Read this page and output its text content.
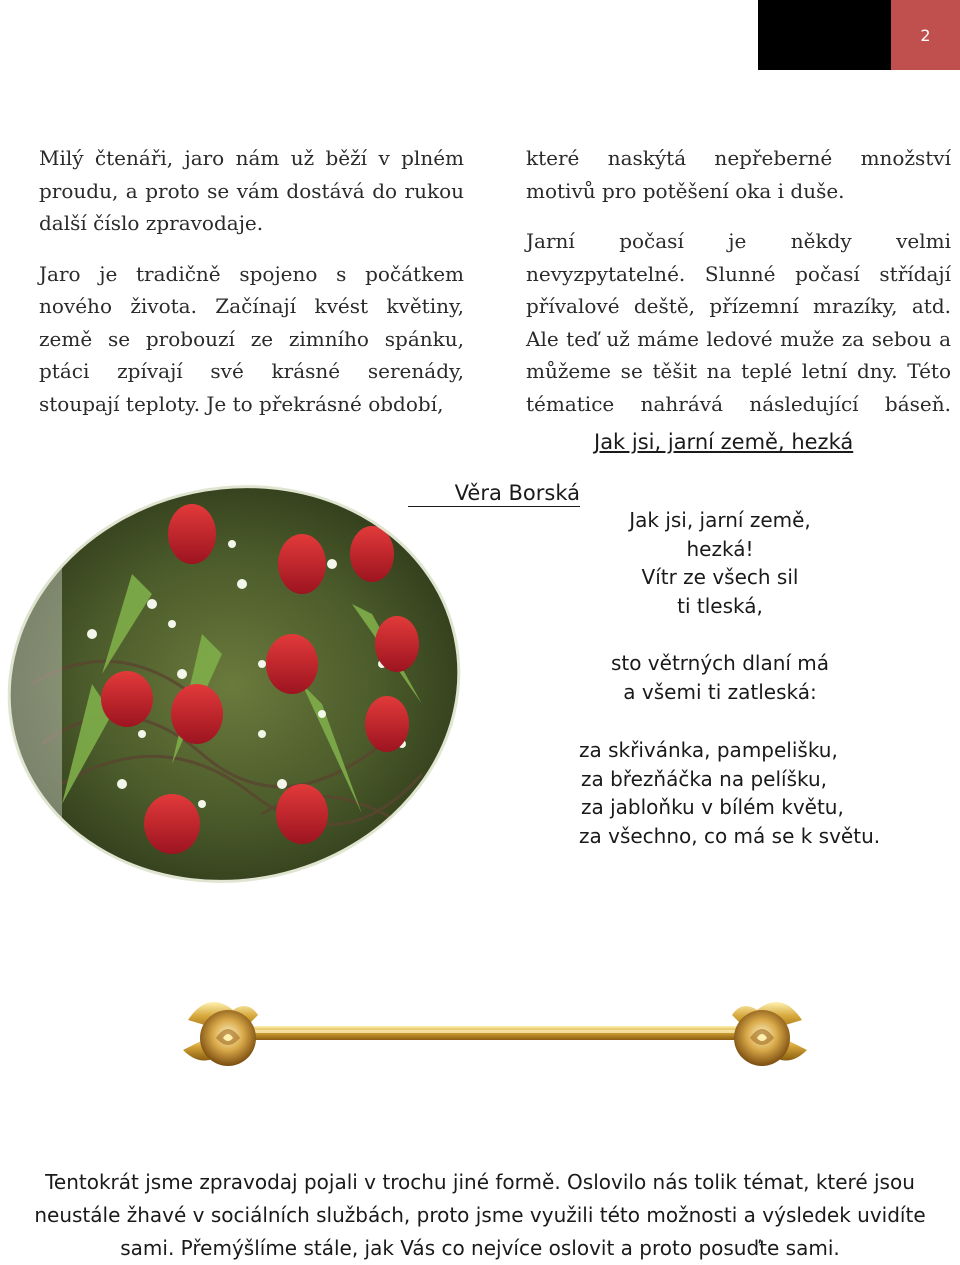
2

Milý čtenáři, jaro nám už běží v plném proudu, a proto se vám dostává do rukou další číslo zpravodaje.

Jaro je tradičně spojeno s počátkem nového života. Začínají kvést květiny, země se probouzí ze zimního spánku, ptáci zpívají své krásné serenády, stoupají teploty. Je to překrásné období,

které naskýtá nepřeberné množství motivů pro potěšení oka i duše.

Jarní počasí je někdy velmi nevyzpytatelné. Slunné počasí střídají přívalové deště, přízemní mrazíky, atd. Ale teď už máme ledové muže za sebou a můžeme se těšit na teplé letní dny. Této tématice nahrává následující báseň.

Jak jsi, jarní země, hezká
Věra Borská
Jak jsi, jarní země,
hezká!
Vítr ze všech sil
ti tleská,
sto větrných dlaní má
a všemi ti zatleská:
za skřivánka, pampelišku,
za březňáčka na pelíšku,
za jabloňku v bílém květu,
za všechno, co má se k světu.
Tentokrát jsme zpravodaj pojali v trochu jiné formě. Oslovilo nás tolik témat, které jsou neustále žhavé v sociálních službách, proto jsme využili této možnosti a výsledek uvidíte sami. Přemýšlíme stále, jak Vás co nejvíce oslovit a proto posuďte sami.
